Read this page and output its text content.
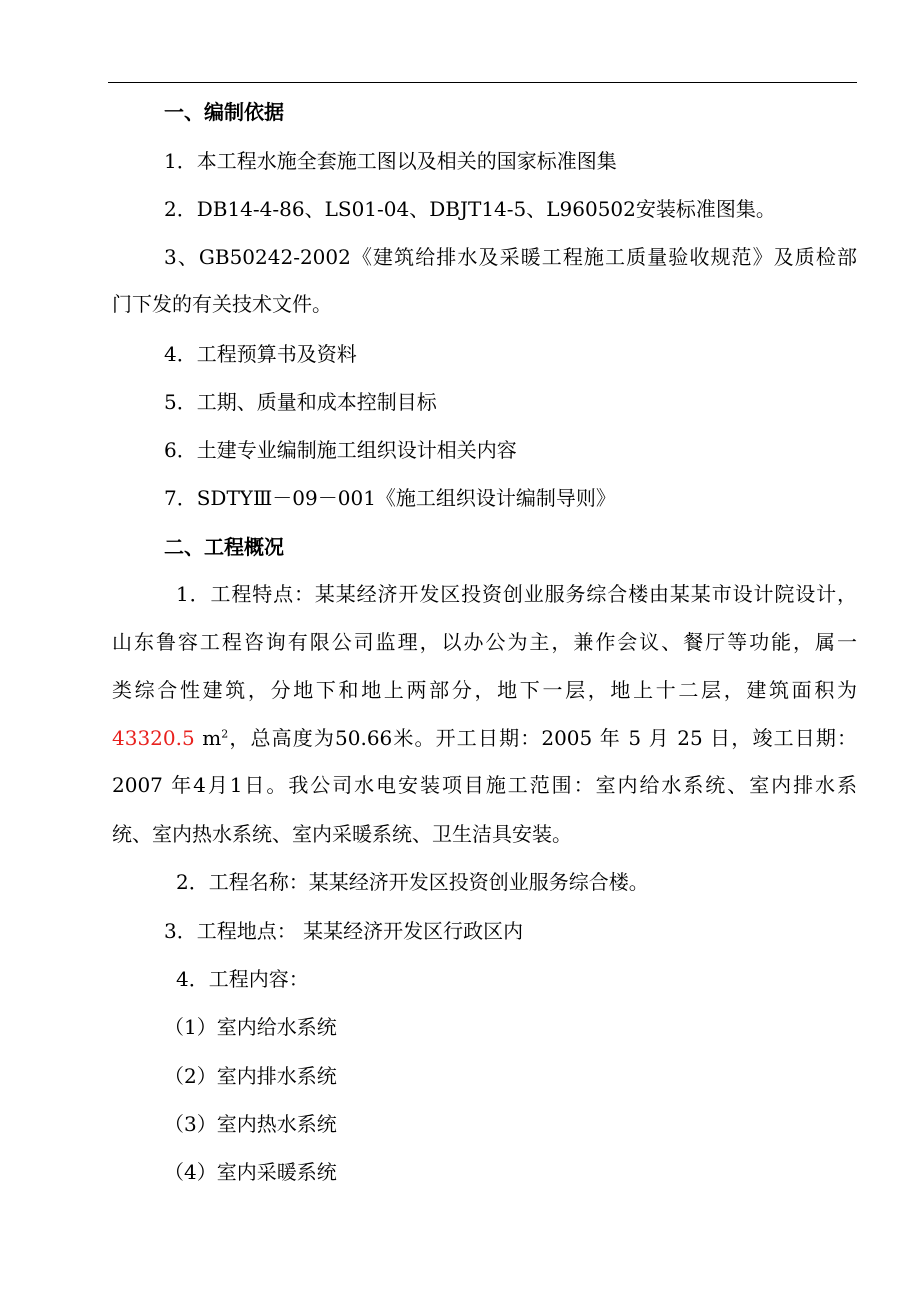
一、编制依据
1．本工程水施全套施工图以及相关的国家标准图集
2．DB14-4-86、LS01-04、DBJT14-5、L960502安装标准图集。
3、GB50242-2002《建筑给排水及采暖工程施工质量验收规范》及质检部
门下发的有关技术文件。
4．工程预算书及资料
5．工期、质量和成本控制目标
6．土建专业编制施工组织设计相关内容
7．SDTYⅢ－09－001《施工组织设计编制导则》
二、工程概况
1．工程特点：某某经济开发区投资创业服务综合楼由某某市设计院设计，
山东鲁容工程咨询有限公司监理，以办公为主，兼作会议、餐厅等功能，属一
类综合性建筑，分地下和地上两部分，地下一层，地上十二层，建筑面积为
43320.5 $m^2$，总高度为50.66米。开工日期：2005 年 5 月 25 日，竣工日期：
2007 年4月1日。我公司水电安装项目施工范围：室内给水系统、室内排水系
统、室内热水系统、室内采暖系统、卫生洁具安装。
2．工程名称：某某经济开发区投资创业服务综合楼。
3．工程地点： 某某经济开发区行政区内
4．工程内容：
（1）室内给水系统
（2）室内排水系统
（3）室内热水系统
（4）室内采暖系统
